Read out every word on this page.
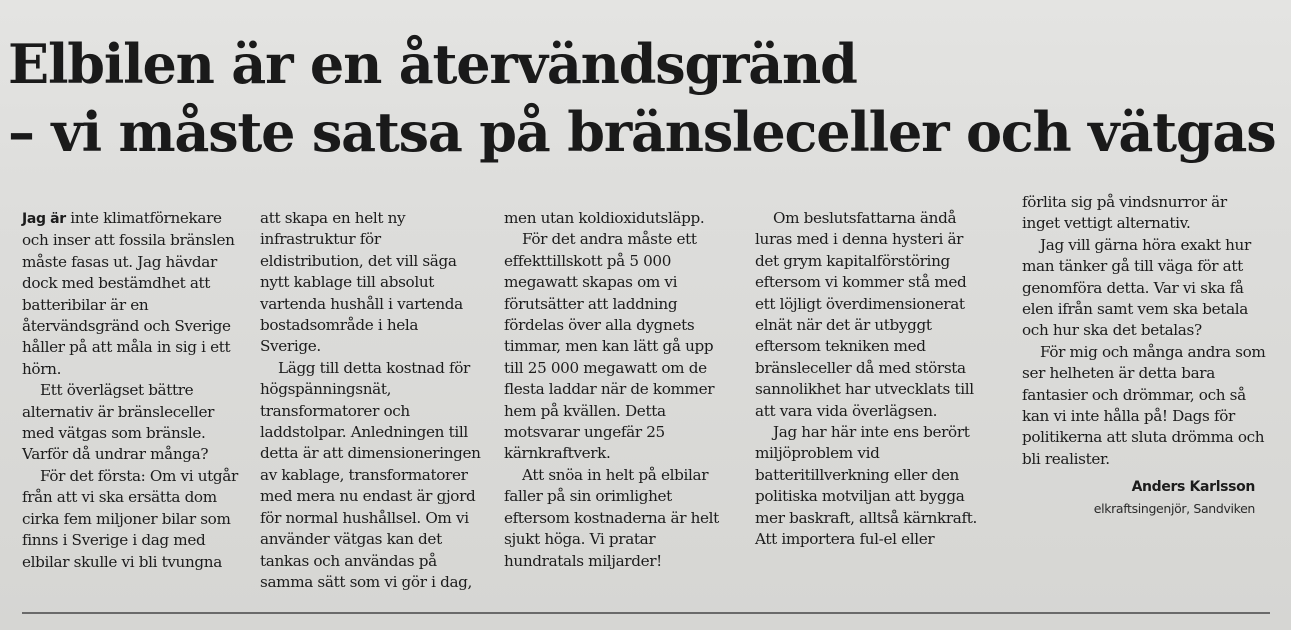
Elbilen är en återvändsgränd
– vi måste satsa på bränsleceller och vätgas

Jag är inte klimatförnekare och inser att fossila bränslen måste fasas ut. Jag hävdar dock med bestämdhet att batteribilar är en återvändsgränd och Sverige håller på att måla in sig i ett hörn.

Ett överlägset bättre alternativ är bränsleceller med vätgas som bränsle. Varför då undrar många?

För det första: Om vi utgår från att vi ska ersätta dom cirka fem miljoner bilar som finns i Sverige i dag med elbilar skulle vi bli tvungna

att skapa en helt ny infrastruktur för eldistribution, det vill säga nytt kablage till absolut vartenda hushåll i vartenda bostadsområde i hela Sverige.

Lägg till detta kostnad för högspänningsnät, transformatorer och laddstolpar. Anledningen till detta är att dimensioneringen av kablage, transformatorer med mera nu endast är gjord för normal hushållsel. Om vi använder vätgas kan det tankas och användas på samma sätt som vi gör i dag,

men utan koldioxidutsläpp.

För det andra måste ett effekttillskott på 5 000 megawatt skapas om vi förutsätter att laddning fördelas över alla dygnets timmar, men kan lätt gå upp till 25 000 megawatt om de flesta laddar när de kommer hem på kvällen. Detta motsvarar ungefär 25 kärnkraftverk.

Att snöa in helt på elbilar faller på sin orimlighet eftersom kostnaderna är helt sjukt höga. Vi pratar hundratals miljarder!

Om beslutsfattarna ändå luras med i denna hysteri är det grym kapitalförstöring eftersom vi kommer stå med ett löjligt överdimensionerat elnät när det är utbyggt eftersom tekniken med bränsleceller då med största sannolikhet har utvecklats till att vara vida överlägsen.

Jag har här inte ens berört miljöproblem vid batteritillverkning eller den politiska motviljan att bygga mer baskraft, alltså kärnkraft. Att importera ful-el eller

förlita sig på vindsnurror är inget vettigt alternativ.

Jag vill gärna höra exakt hur man tänker gå till väga för att genomföra detta. Var vi ska få elen ifrån samt vem ska betala och hur ska det betalas?

För mig och många andra som ser helheten är detta bara fantasier och drömmar, och så kan vi inte hålla på! Dags för politikerna att sluta drömma och bli realister.

Anders Karlsson
elkraftsingenjör, Sandviken
